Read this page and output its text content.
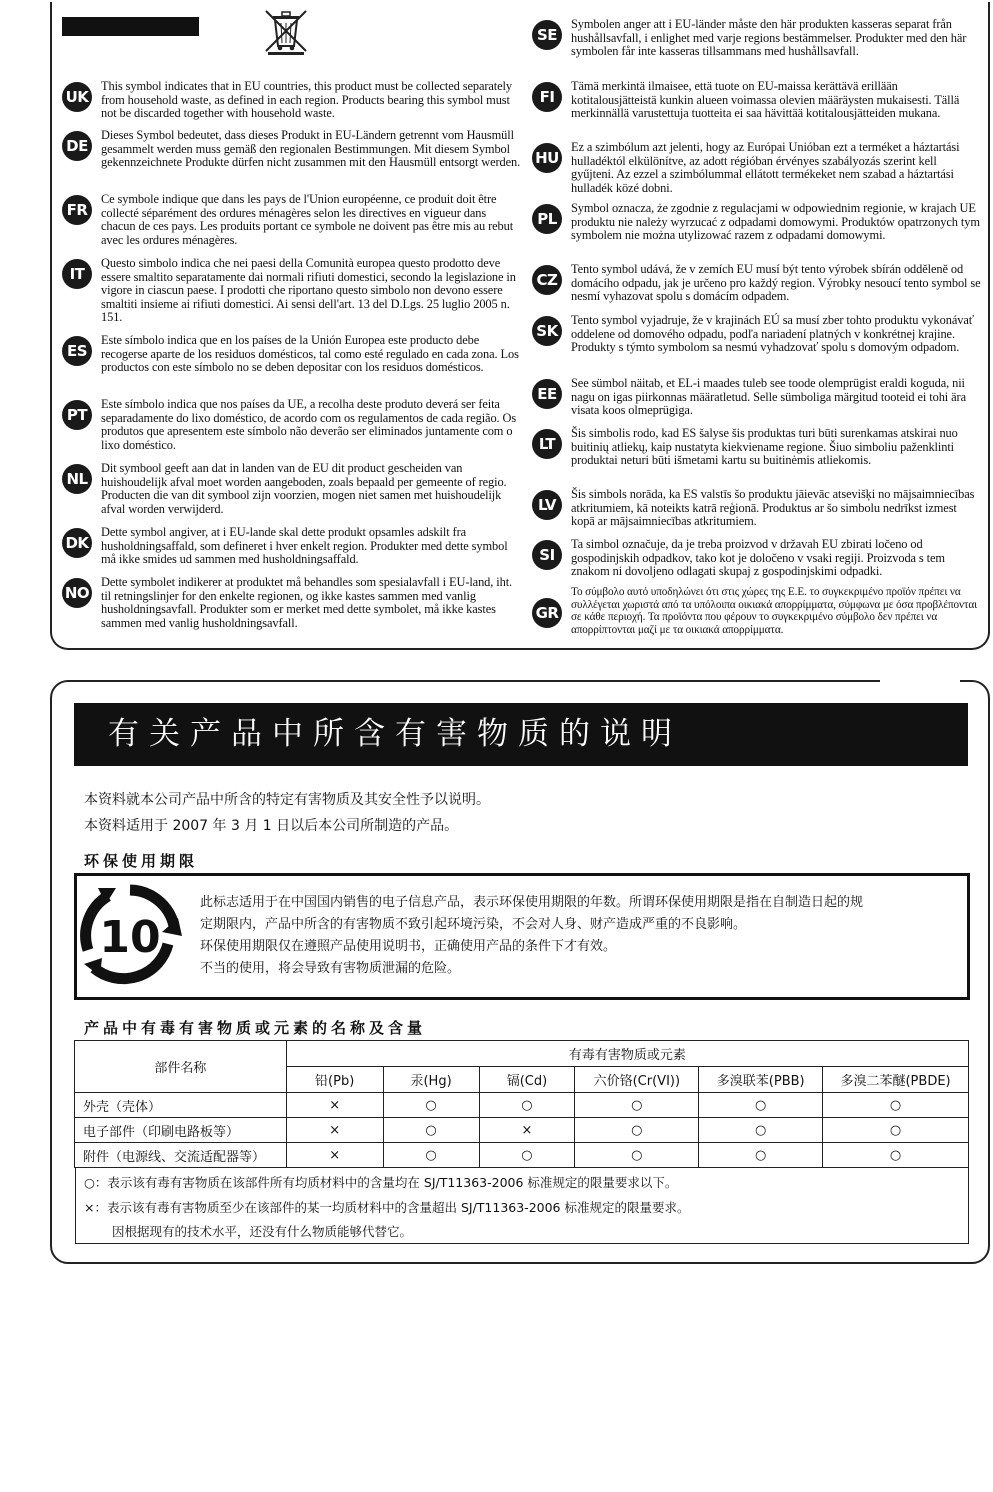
UK
This symbol indicates that in EU countries, this product must be collected separately from household waste, as defined in each region. Products bearing this symbol must not be discarded together with household waste.
DE
Dieses Symbol bedeutet, dass dieses Produkt in EU-Ländern getrennt vom Hausmüll gesammelt werden muss gemäß den regionalen Bestimmungen. Mit diesem Symbol gekennzeichnete Produkte dürfen nicht zusammen mit den Hausmüll entsorgt werden.
FR
Ce symbole indique que dans les pays de l'Union européenne, ce produit doit être collecté séparément des ordures ménagères selon les directives en vigueur dans chacun de ces pays. Les produits portant ce symbole ne doivent pas être mis au rebut avec les ordures ménagères.
IT
Questo simbolo indica che nei paesi della Comunità europea questo prodotto deve essere smaltito separatamente dai normali rifiuti domestici, secondo la legislazione in vigore in ciascun paese. I prodotti che riportano questo simbolo non devono essere smaltiti insieme ai rifiuti domestici. Ai sensi dell'art. 13 del D.Lgs. 25 luglio 2005 n. 151.
ES
Este símbolo indica que en los países de la Unión Europea este producto debe recogerse aparte de los residuos domésticos, tal como esté regulado en cada zona. Los productos con este símbolo no se deben depositar con los residuos domésticos.
PT
Este símbolo indica que nos países da UE, a recolha deste produto deverá ser feita separadamente do lixo doméstico, de acordo com os regulamentos de cada região. Os produtos que apresentem este símbolo não deverão ser eliminados juntamente com o lixo doméstico.
NL
Dit symbool geeft aan dat in landen van de EU dit product gescheiden van huishoudelijk afval moet worden aangeboden, zoals bepaald per gemeente of regio. Producten die van dit symbool zijn voorzien, mogen niet samen met huishoudelijk afval worden verwijderd.
DK
Dette symbol angiver, at i EU-lande skal dette produkt opsamles adskilt fra husholdningsaffald, som defineret i hver enkelt region. Produkter med dette symbol må ikke smides ud sammen med husholdningsaffald.
NO
Dette symbolet indikerer at produktet må behandles som spesialavfall i EU-land, iht. til retningslinjer for den enkelte regionen, og ikke kastes sammen med vanlig husholdningsavfall. Produkter som er merket med dette symbolet, må ikke kastes sammen med vanlig husholdningsavfall.
SE
Symbolen anger att i EU-länder måste den här produkten kasseras separat från hushållsavfall, i enlighet med varje regions bestämmelser. Produkter med den här symbolen får inte kasseras tillsammans med hushållsavfall.
FI
Tämä merkintä ilmaisee, että tuote on EU-maissa kerättävä erillään kotitalousjätteistä kunkin alueen voimassa olevien määräysten mukaisesti. Tällä merkinnällä varustettuja tuotteita ei saa hävittää kotitalousjätteiden mukana.
HU
Ez a szimbólum azt jelenti, hogy az Európai Unióban ezt a terméket a háztartási hulladéktól elkülönítve, az adott régióban érvényes szabályozás szerint kell gyűjteni. Az ezzel a szimbólummal ellátott termékeket nem szabad a háztartási hulladék közé dobni.
PL
Symbol oznacza, że zgodnie z regulacjami w odpowiednim regionie, w krajach UE produktu nie należy wyrzucać z odpadami domowymi. Produktów opatrzonych tym symbolem nie można utylizować razem z odpadami domowymi.
CZ
Tento symbol udává, že v zemích EU musí být tento výrobek sbírán odděleně od domácího odpadu, jak je určeno pro každý region. Výrobky nesoucí tento symbol se nesmí vyhazovat spolu s domácím odpadem.
SK
Tento symbol vyjadruje, že v krajinách EÚ sa musí zber tohto produktu vykonávať oddelene od domového odpadu, podľa nariadení platných v konkrétnej krajine. Produkty s týmto symbolom sa nesmú vyhadzovať spolu s domovým odpadom.
EE
See sümbol näitab, et EL-i maades tuleb see toode olemprügist eraldi koguda, nii nagu on igas piirkonnas määratletud. Selle sümboliga märgitud tooteid ei tohi ära visata koos olmeprügiga.
LT
Šis simbolis rodo, kad ES šalyse šis produktas turi būti surenkamas atskirai nuo buitinių atliekų, kaip nustatyta kiekviename regione. Šiuo simboliu paženklinti produktai neturi būti išmetami kartu su buitinėmis atliekomis.
LV
Šis simbols norāda, ka ES valstīs šo produktu jāievāc atsevišķi no mājsaimniecības atkritumiem, kā noteikts katrā reģionā. Produktus ar šo simbolu nedrīkst izmest kopā ar mājsaimniecības atkritumiem.
SI
Ta simbol označuje, da je treba proizvod v državah EU zbirati ločeno od gospodinjskih odpadkov, tako kot je določeno v vsaki regiji. Proizvoda s tem znakom ni dovoljeno odlagati skupaj z gospodinjskimi odpadki.
GR
Το σύμβολο αυτό υποδηλώνει ότι στις χώρες της Ε.Ε. το συγκεκριμένο προϊόν πρέπει να συλλέγεται χωριστά από τα υπόλοιπα οικιακά απορρίμματα, σύμφωνα με όσα προβλέπονται σε κάθε περιοχή. Τα προϊόντα που φέρουν το συγκεκριμένο σύμβολο δεν πρέπει να απορρίπτονται μαζί με τα οικιακά απορρίμματα.
有关产品中所含有害物质的说明
本资料就本公司产品中所含的特定有害物质及其安全性予以说明。
本资料适用于 2007 年 3 月 1 日以后本公司所制造的产品。
环保使用期限
10
此标志适用于在中国国内销售的电子信息产品，表示环保使用期限的年数。所谓环保使用期限是指在自制造日起的规
定期限内，产品中所含的有害物质不致引起环境污染，不会对人身、财产造成严重的不良影响。
环保使用期限仅在遵照产品使用说明书，正确使用产品的条件下才有效。
不当的使用，将会导致有害物质泄漏的危险。
产品中有毒有害物质或元素的名称及含量
部件名称	有毒有害物质或元素					
	铅(Pb)	汞(Hg)	镉(Cd)	六价铬(Cr(VI))	多溴联苯(PBB)	多溴二苯醚(PBDE)
外壳（壳体）	×	○	○	○	○	○
电子部件（印刷电路板等）	×	○	×	○	○	○
附件（电源线、交流适配器等）	×	○	○	○	○	○
○：表示该有毒有害物质在该部件所有均质材料中的含量均在 SJ/T11363-2006 标准规定的限量要求以下。
×：表示该有毒有害物质至少在该部件的某一均质材料中的含量超出 SJ/T11363-2006 标准规定的限量要求。
因根据现有的技术水平，还没有什么物质能够代替它。
